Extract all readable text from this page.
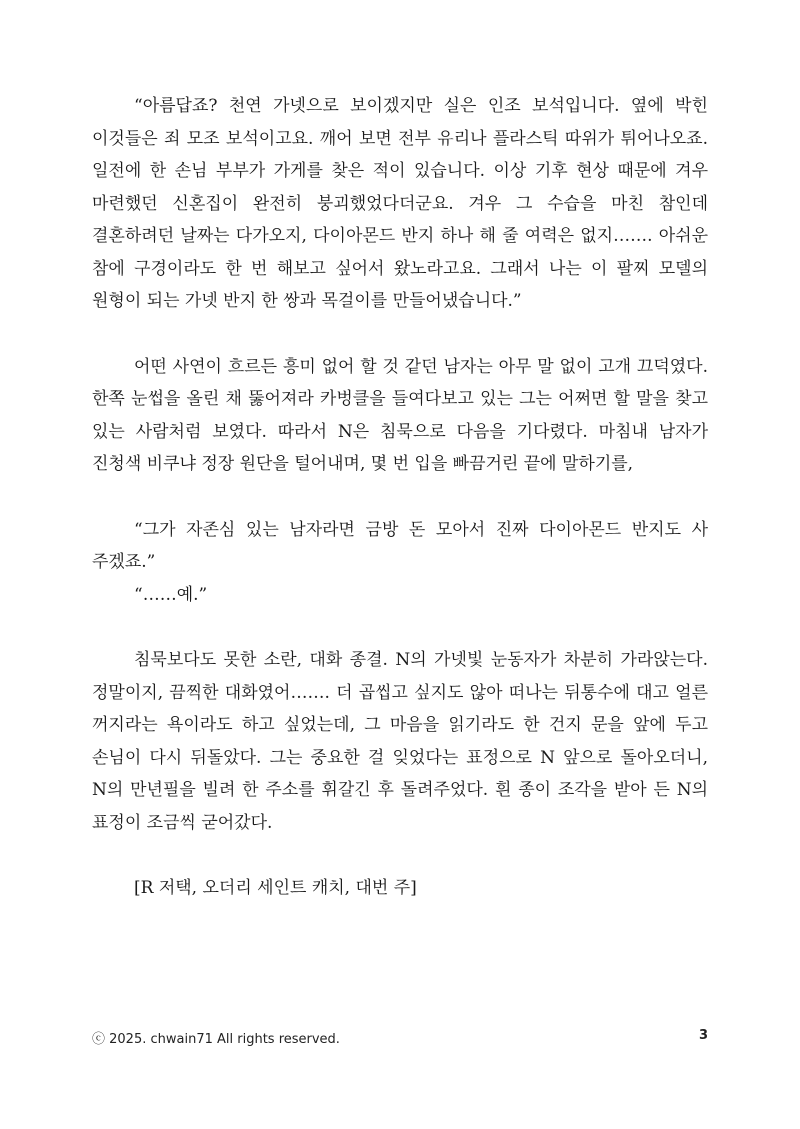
“아름답죠? 천연 가넷으로 보이겠지만 실은 인조 보석입니다. 옆에 박힌 이것들은 죄 모조 보석이고요. 깨어 보면 전부 유리나 플라스틱 따위가 튀어나오죠. 일전에 한 손님 부부가 가게를 찾은 적이 있습니다. 이상 기후 현상 때문에 겨우 마련했던 신혼집이 완전히 붕괴했었다더군요. 겨우 그 수습을 마친 참인데 결혼하려던 날짜는 다가오지, 다이아몬드 반지 하나 해 줄 여력은 없지……. 아쉬운 참에 구경이라도 한 번 해보고 싶어서 왔노라고요. 그래서 나는 이 팔찌 모델의 원형이 되는 가넷 반지 한 쌍과 목걸이를 만들어냈습니다.”

어떤 사연이 흐르든 흥미 없어 할 것 같던 남자는 아무 말 없이 고개 끄덕였다. 한쪽 눈썹을 올린 채 뚫어져라 카벙클을 들여다보고 있는 그는 어쩌면 할 말을 찾고 있는 사람처럼 보였다. 따라서 N은 침묵으로 다음을 기다렸다. 마침내 남자가 진청색 비쿠냐 정장 원단을 털어내며, 몇 번 입을 빠끔거린 끝에 말하기를,

“그가 자존심 있는 남자라면 금방 돈 모아서 진짜 다이아몬드 반지도 사 주겠죠.”

“……예.”

침묵보다도 못한 소란, 대화 종결. N의 가넷빛 눈동자가 차분히 가라앉는다. 정말이지, 끔찍한 대화였어……. 더 곱씹고 싶지도 않아 떠나는 뒤통수에 대고 얼른 꺼지라는 욕이라도 하고 싶었는데, 그 마음을 읽기라도 한 건지 문을 앞에 두고 손님이 다시 뒤돌았다. 그는 중요한 걸 잊었다는 표정으로 N 앞으로 돌아오더니, N의 만년필을 빌려 한 주소를 휘갈긴 후 돌려주었다. 흰 종이 조각을 받아 든 N의 표정이 조금씩 굳어갔다.

[R 저택, 오더리 세인트 캐치, 대번 주]

ⓒ 2025. chwain71 All rights reserved.	3
